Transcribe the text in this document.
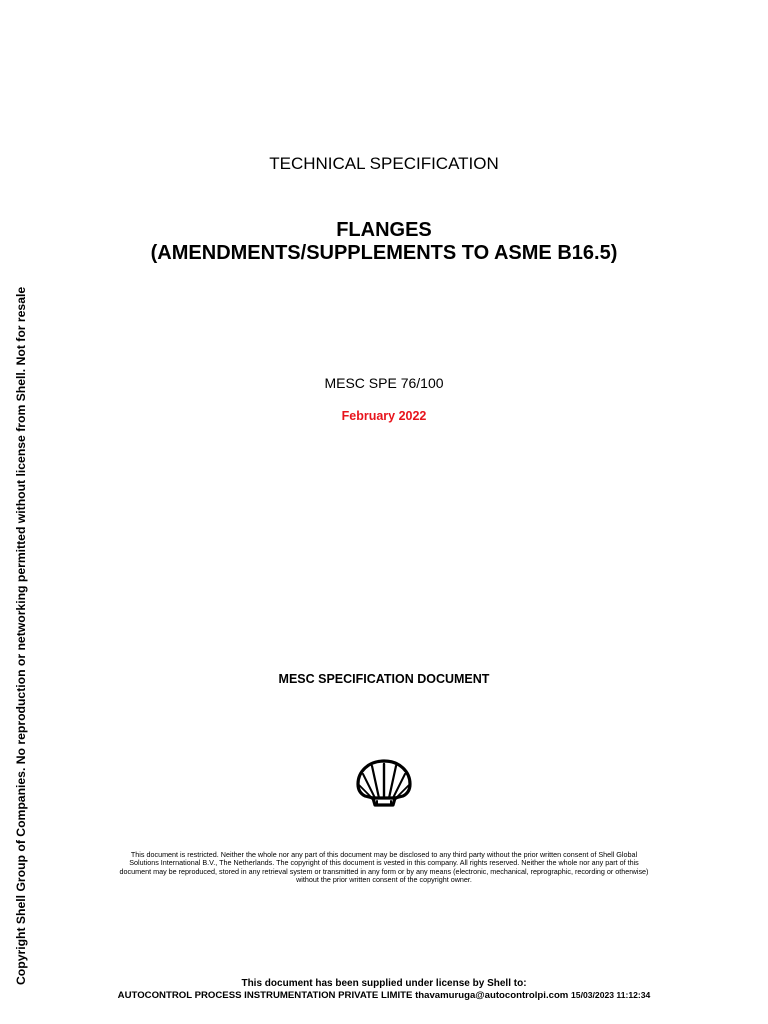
Copyright Shell Group of Companies. No reproduction or networking permitted without license from Shell. Not for resale
TECHNICAL SPECIFICATION
FLANGES
(AMENDMENTS/SUPPLEMENTS TO ASME B16.5)
MESC SPE 76/100
February 2022
MESC SPECIFICATION DOCUMENT
This document is restricted. Neither the whole nor any part of this document may be disclosed to any third party without the prior written consent of Shell Global
Solutions International B.V., The Netherlands. The copyright of this document is vested in this company. All rights reserved. Neither the whole nor any part of this
document may be reproduced, stored in any retrieval system or transmitted in any form or by any means (electronic, mechanical, reprographic, recording or otherwise)
without the prior written consent of the copyright owner.
This document has been supplied under license by Shell to:
AUTOCONTROL PROCESS INSTRUMENTATION PRIVATE LIMITE thavamuruga@autocontrolpi.com 15/03/2023 11:12:34
